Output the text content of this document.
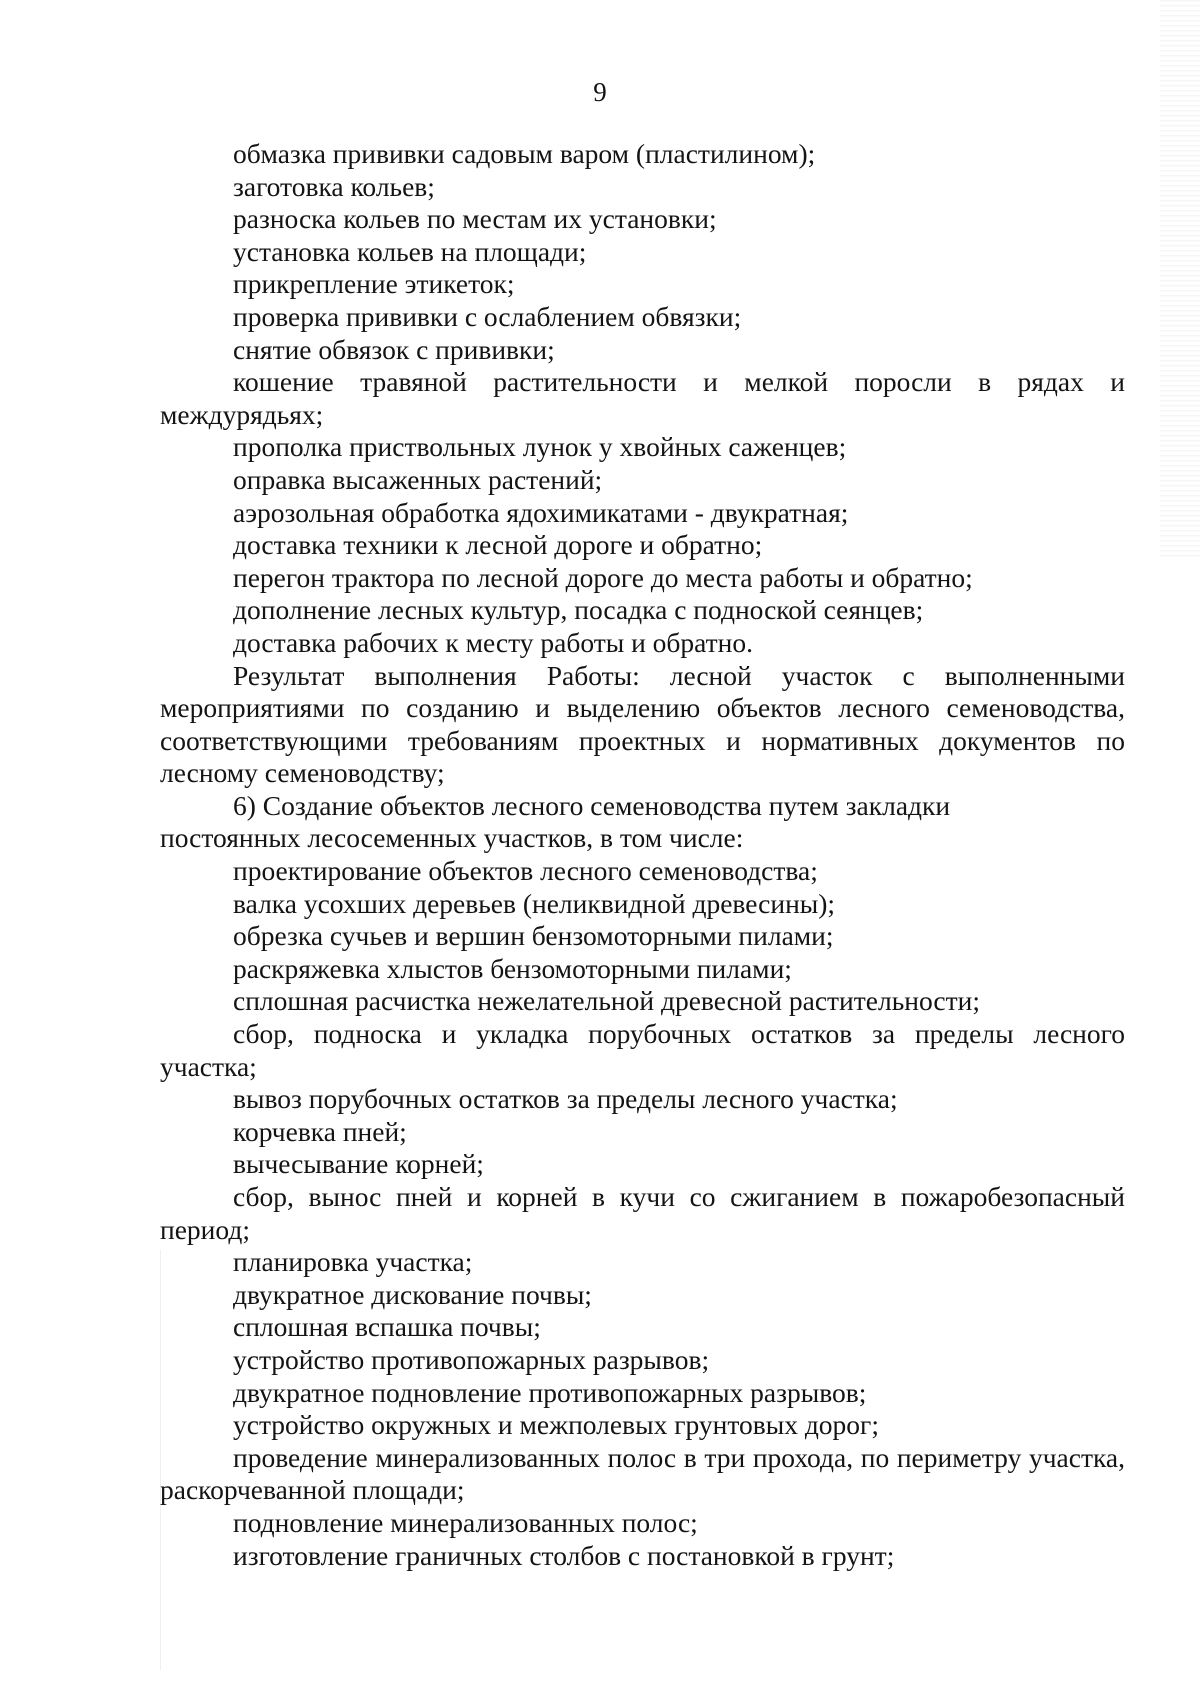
9

обмазка прививки садовым варом (пластилином);

заготовка кольев;

разноска кольев по местам их установки;

установка кольев на площади;

прикрепление этикеток;

проверка прививки с ослаблением обвязки;

снятие обвязок с прививки;

кошение травяной растительности и мелкой поросли в рядах и междурядьях;

прополка приствольных лунок у хвойных саженцев;

оправка высаженных растений;

аэрозольная обработка ядохимикатами - двукратная;

доставка техники к лесной дороге и обратно;

перегон трактора по лесной дороге до места работы и обратно;

дополнение лесных культур, посадка с подноской сеянцев;

доставка рабочих к месту работы и обратно.

Результат выполнения Работы: лесной участок с выполненными мероприятиями по созданию и выделению объектов лесного семеноводства, соответствующими требованиям проектных и нормативных документов по лесному семеноводству;

6) Создание объектов лесного семеноводства путем закладки
постоянных лесосеменных участков, в том числе:

проектирование объектов лесного семеноводства;

валка усохших деревьев (неликвидной древесины);

обрезка сучьев и вершин бензомоторными пилами;

раскряжевка хлыстов бензомоторными пилами;

сплошная расчистка нежелательной древесной растительности;

сбор, подноска и укладка порубочных остатков за пределы лесного участка;

вывоз порубочных остатков за пределы лесного участка;

корчевка пней;

вычесывание корней;

сбор, вынос пней и корней в кучи со сжиганием в пожаробезопасный период;

планировка участка;

двукратное дискование почвы;

сплошная вспашка почвы;

устройство противопожарных разрывов;

двукратное подновление противопожарных разрывов;

устройство окружных и межполевых грунтовых дорог;

проведение минерализованных полос в три прохода, по периметру участка, раскорчеванной площади;

подновление минерализованных полос;

изготовление граничных столбов с постановкой в грунт;
